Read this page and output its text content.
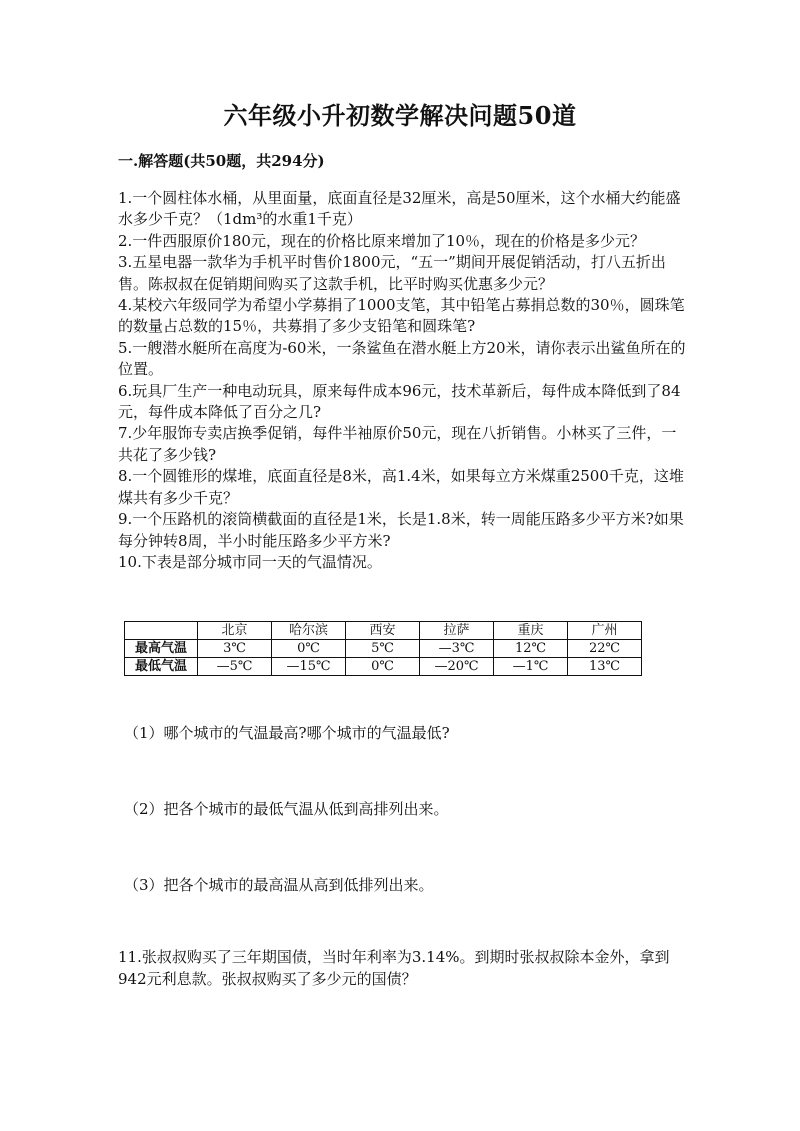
六年级小升初数学解决问题50道
一.解答题(共50题，共294分)

1.一个圆柱体水桶，从里面量，底面直径是32厘米，高是50厘米，这个水桶大约能盛水多少千克？（1dm³的水重1千克）

2.一件西服原价180元，现在的价格比原来增加了10％，现在的价格是多少元？

3.五星电器一款华为手机平时售价1800元，“五一”期间开展促销活动，打八五折出售。陈叔叔在促销期间购买了这款手机，比平时购买优惠多少元？

4.某校六年级同学为希望小学募捐了1000支笔，其中铅笔占募捐总数的30％，圆珠笔的数量占总数的15％，共募捐了多少支铅笔和圆珠笔?

5.一艘潜水艇所在高度为-60米，一条鲨鱼在潜水艇上方20米，请你表示出鲨鱼所在的位置。

6.玩具厂生产一种电动玩具，原来每件成本96元，技术革新后，每件成本降低到了84元，每件成本降低了百分之几?

7.少年服饰专卖店换季促销，每件半袖原价50元，现在八折销售。小林买了三件，一共花了多少钱?

8.一个圆锥形的煤堆，底面直径是8米，高1.4米，如果每立方米煤重2500千克，这堆煤共有多少千克？

9.一个压路机的滚筒横截面的直径是1米，长是1.8米，转一周能压路多少平方米?如果每分钟转8周，半小时能压路多少平方米?

10.下表是部分城市同一天的气温情况。

	北京	哈尔滨	西安	拉萨	重庆	广州
最高气温	3℃	0℃	5℃	—3℃	12℃	22℃
最低气温	—5℃	—15℃	0℃	—20℃	—1℃	13℃
（1）哪个城市的气温最高?哪个城市的气温最低?
（2）把各个城市的最低气温从低到高排列出来。
（3）把各个城市的最高温从高到低排列出来。
11.张叔叔购买了三年期国债，当时年利率为3.14%。到期时张叔叔除本金外，拿到942元利息款。张叔叔购买了多少元的国债？
